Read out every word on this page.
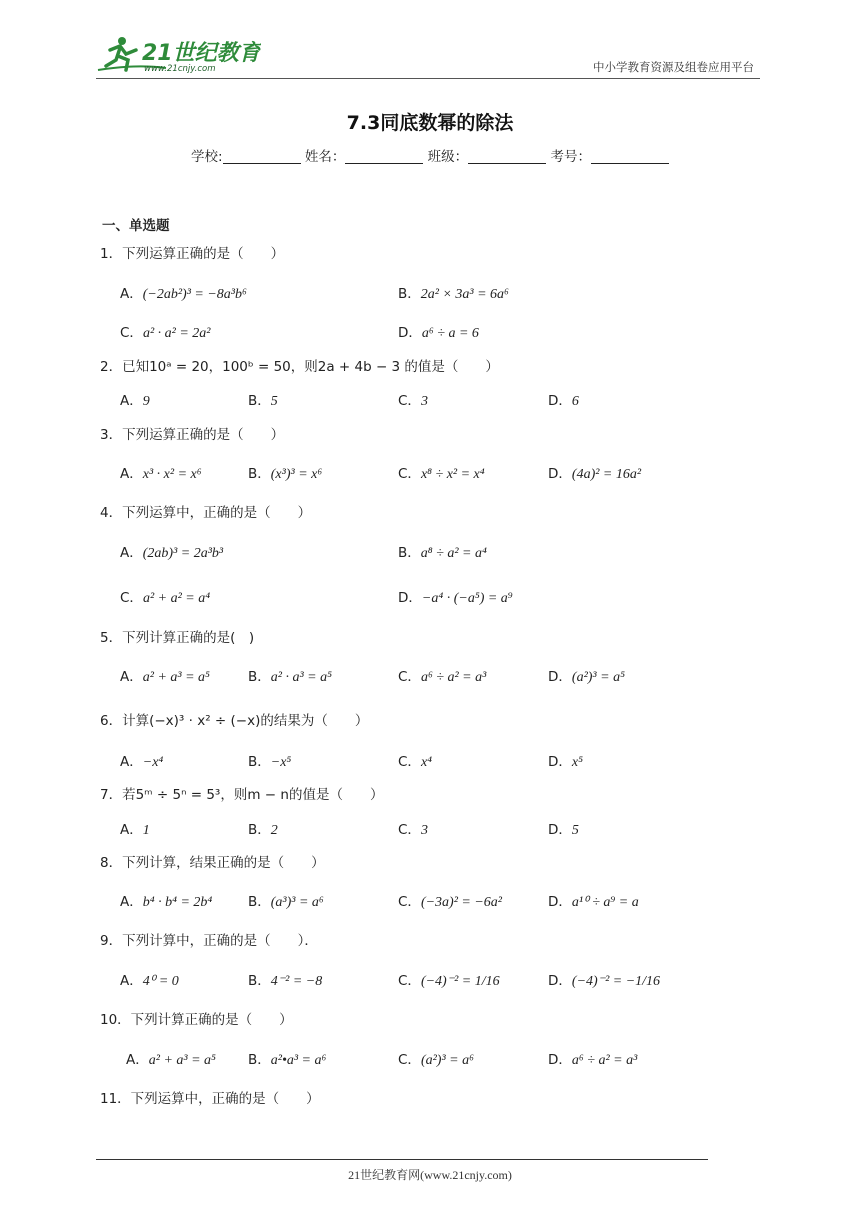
21世纪教育
www.21cnjy.com	中小学教育资源及组卷应用平台
7.3同底数幂的除法
学校:	姓名：	班级：	考号：
一、单选题
1．下列运算正确的是（　　）
A．(−2ab²)³ = −8a³b⁶	B．2a² × 3a³ = 6a⁶
C．a² · a² = 2a²	D．a⁶ ÷ a = 6
2．已知10ᵃ = 20，100ᵇ = 50，则2a + 4b − 3 的值是（　　）
A．9	B．5	C．3	D．6
3．下列运算正确的是（　　）
A．x³ · x² = x⁶	B．(x³)³ = x⁶	C．x⁸ ÷ x² = x⁴	D．(4a)² = 16a²
4．下列运算中，正确的是（　　）
A．(2ab)³ = 2a³b³	B．a⁸ ÷ a² = a⁴
C．a² + a² = a⁴	D．−a⁴ · (−a⁵) = a⁹
5．下列计算正确的是(　)
A．a² + a³ = a⁵	B．a² · a³ = a⁵	C．a⁶ ÷ a² = a³	D．(a²)³ = a⁵
6．计算(−x)³ · x² ÷ (−x)的结果为（　　）
A．−x⁴	B．−x⁵	C．x⁴	D．x⁵
7．若5ᵐ ÷ 5ⁿ = 5³，则m − n的值是（　　）
A．1	B．2	C．3	D．5
8．下列计算，结果正确的是（　　）
A．b⁴ · b⁴ = 2b⁴	B．(a³)³ = a⁶	C．(−3a)² = −6a²	D．a¹⁰ ÷ a⁹ = a
9．下列计算中，正确的是（　　）．
A．4⁰ = 0	B．4⁻² = −8	C．(−4)⁻² = 1/16	D．(−4)⁻² = −1/16
10．下列计算正确的是（　　）
A．a² + a³ = a⁵ B．a²•a³ = a⁶	C．(a²)³ = a⁶	D．a⁶ ÷ a² = a³
11．下列运算中，正确的是（　　）
21世纪教育网(www.21cnjy.com)
